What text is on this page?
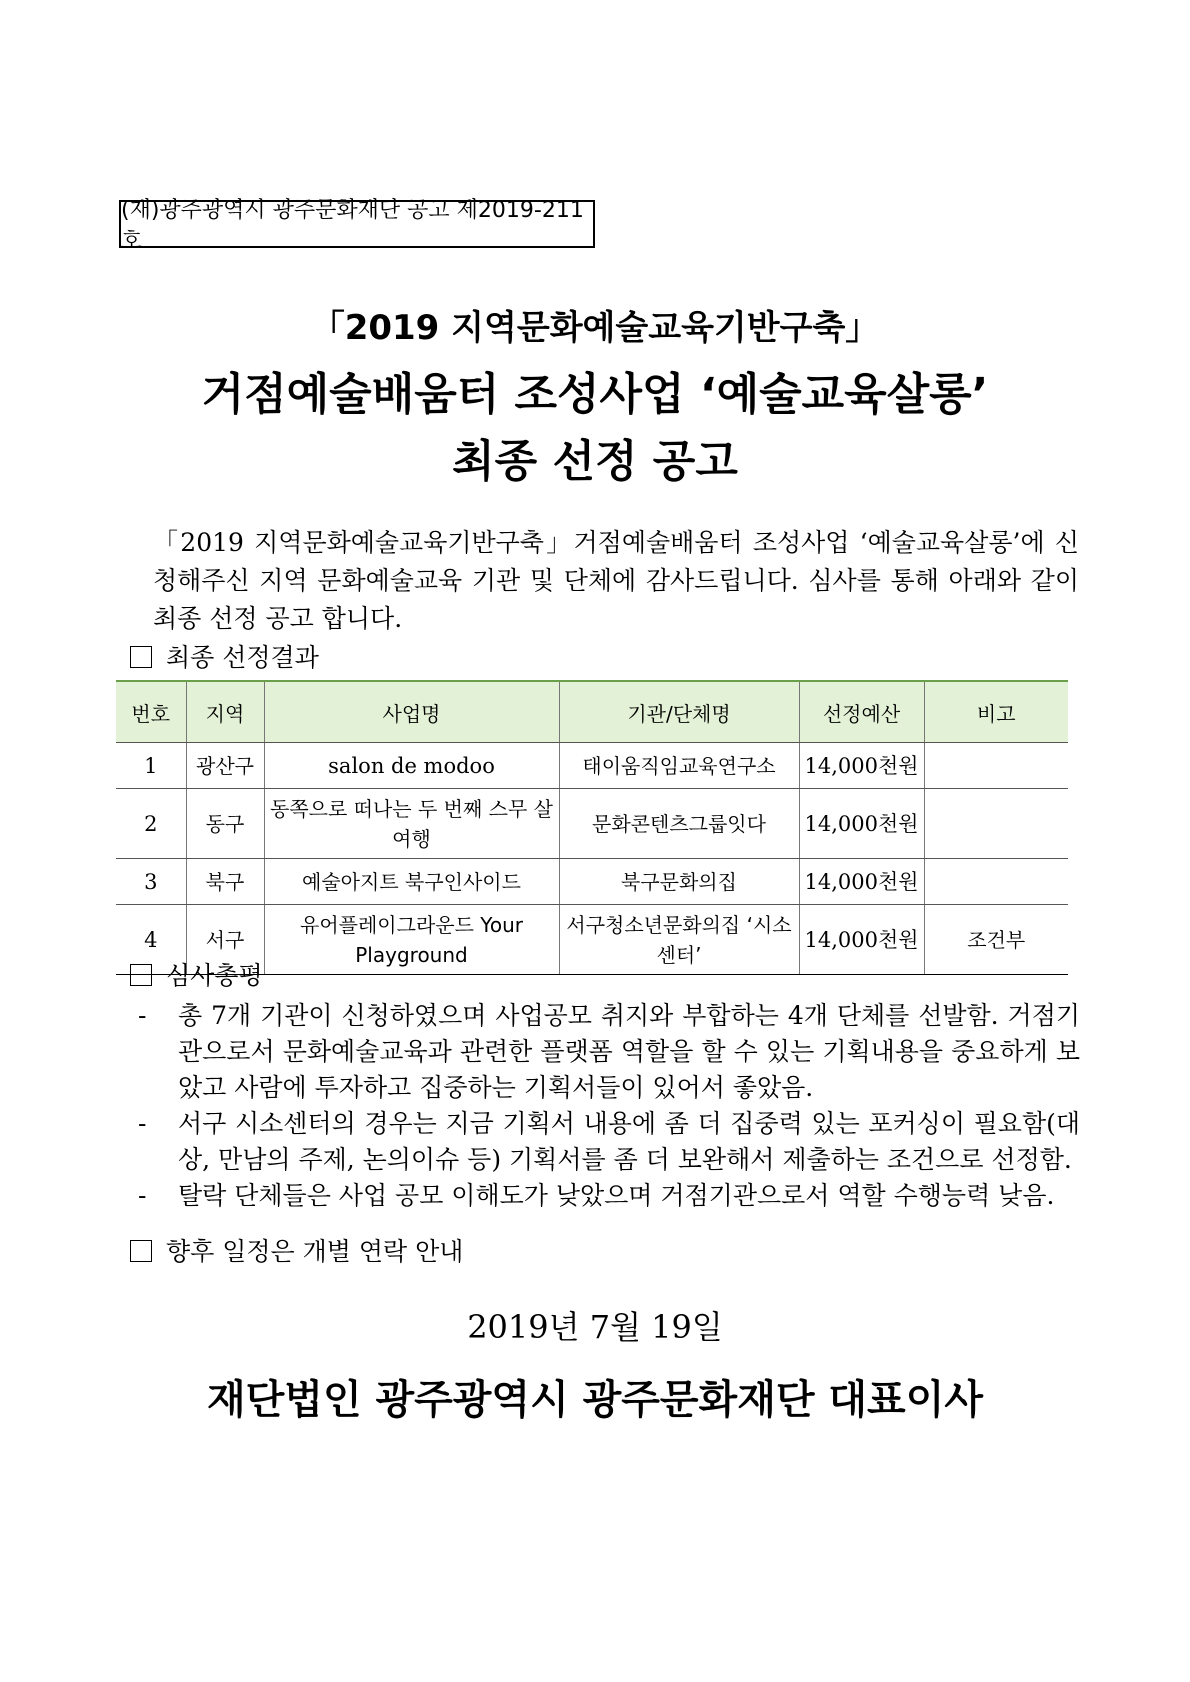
(재)광주광역시 광주문화재단 공고 제2019-211호
「2019 지역문화예술교육기반구축」
거점예술배움터 조성사업 ‘예술교육살롱’
최종 선정 공고
「2019 지역문화예술교육기반구축」거점예술배움터 조성사업 ‘예술교육살롱’에 신청해주신 지역 문화예술교육 기관 및 단체에 감사드립니다. 심사를 통해 아래와 같이 최종 선정 공고 합니다.
최종 선정결과
번호	지역	사업명	기관/단체명	선정예산	비고
1	광산구	salon de modoo	태이움직임교육연구소	14,000천원	
2	동구	동쪽으로 떠나는 두 번째 스무 살 여행	문화콘텐츠그룹잇다	14,000천원	
3	북구	예술아지트 북구인사이드	북구문화의집	14,000천원	
4	서구	유어플레이그라운드 Your Playground	서구청소년문화의집 ‘시소센터’	14,000천원	조건부
심사총평
- 총 7개 기관이 신청하였으며 사업공모 취지와 부합하는 4개 단체를 선발함. 거점기관으로서 문화예술교육과 관련한 플랫폼 역할을 할 수 있는 기획내용을 중요하게 보았고 사람에 투자하고 집중하는 기획서들이 있어서 좋았음.
- 서구 시소센터의 경우는 지금 기획서 내용에 좀 더 집중력 있는 포커싱이 필요함(대상, 만남의 주제, 논의이슈 등) 기획서를 좀 더 보완해서 제출하는 조건으로 선정함.
- 탈락 단체들은 사업 공모 이해도가 낮았으며 거점기관으로서 역할 수행능력 낮음.
향후 일정은 개별 연락 안내
2019년 7월 19일
재단법인 광주광역시 광주문화재단 대표이사
